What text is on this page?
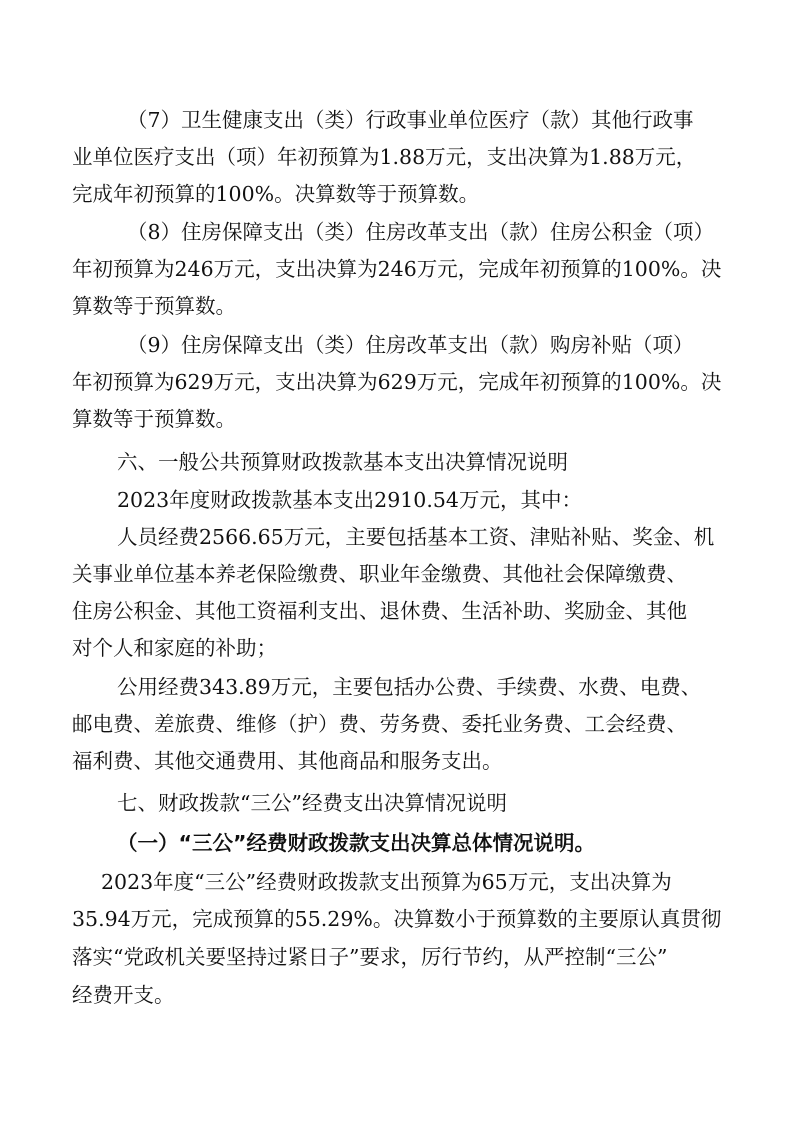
（7）卫生健康支出（类）行政事业单位医疗（款）其他行政事
业单位医疗支出（项）年初预算为1.88万元，支出决算为1.88万元，
完成年初预算的100%。决算数等于预算数。
（8）住房保障支出（类）住房改革支出（款）住房公积金（项）
年初预算为246万元，支出决算为246万元，完成年初预算的100%。决
算数等于预算数。
（9）住房保障支出（类）住房改革支出（款）购房补贴（项）
年初预算为629万元，支出决算为629万元，完成年初预算的100%。决
算数等于预算数。
六、一般公共预算财政拨款基本支出决算情况说明
2023年度财政拨款基本支出2910.54万元，其中：
人员经费2566.65万元，主要包括基本工资、津贴补贴、奖金、机
关事业单位基本养老保险缴费、职业年金缴费、其他社会保障缴费、
住房公积金、其他工资福利支出、退休费、生活补助、奖励金、其他
对个人和家庭的补助；
公用经费343.89万元，主要包括办公费、手续费、水费、电费、
邮电费、差旅费、维修（护）费、劳务费、委托业务费、工会经费、
福利费、其他交通费用、其他商品和服务支出。
七、财政拨款“三公”经费支出决算情况说明
（一）“三公”经费财政拨款支出决算总体情况说明。
2023年度“三公”经费财政拨款支出预算为65万元，支出决算为
35.94万元，完成预算的55.29%。决算数小于预算数的主要原认真贯彻
落实“党政机关要坚持过紧日子”要求，厉行节约，从严控制“三公”
经费开支。
